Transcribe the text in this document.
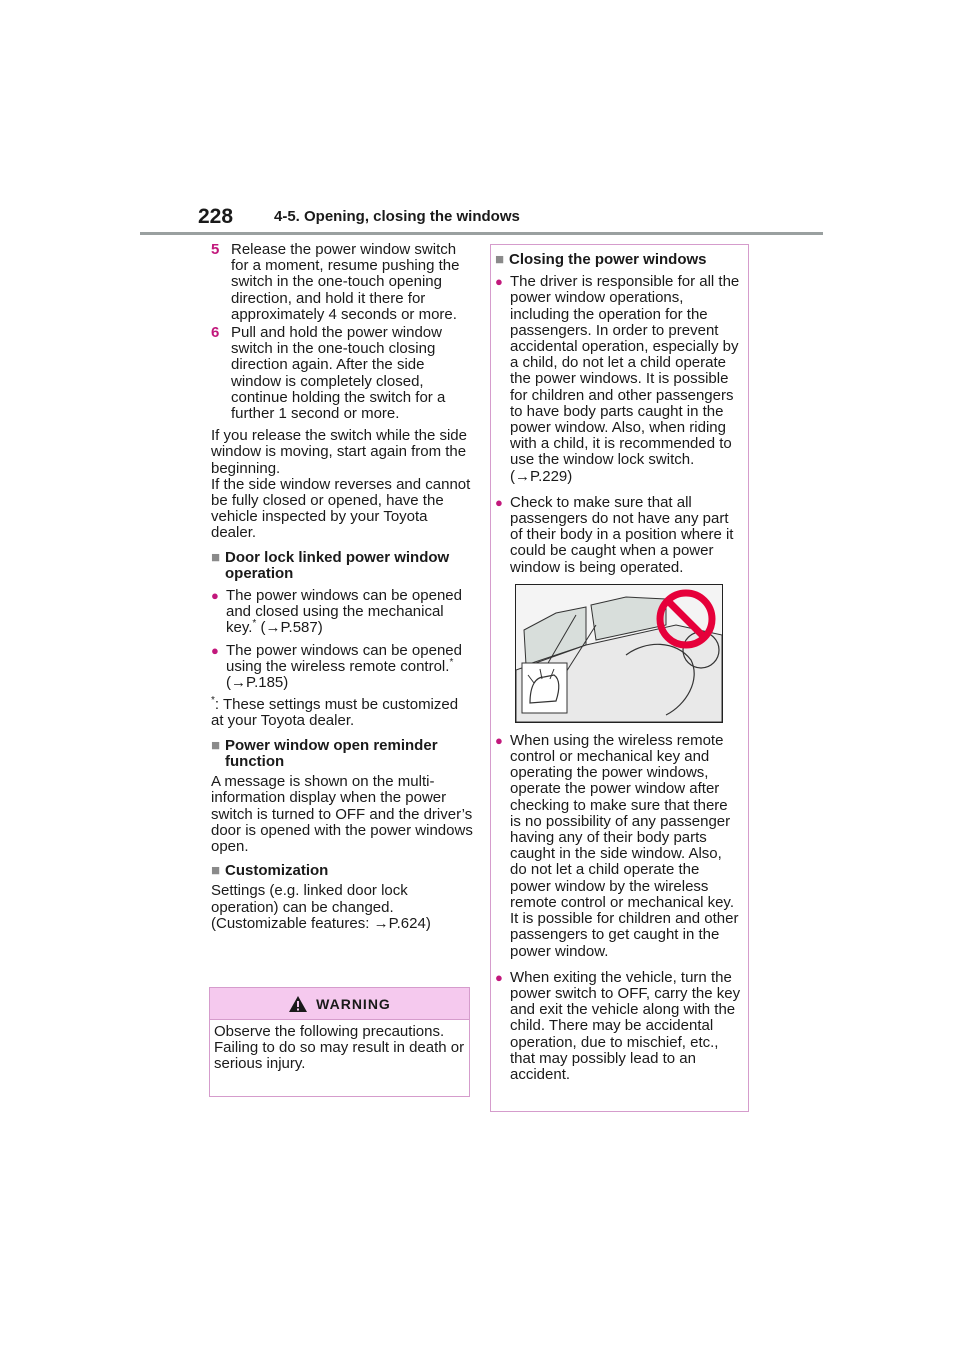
228	4-5. Opening, closing the windows
5 Release the power window switch for a moment, resume pushing the switch in the one-touch opening direction, and hold it there for approximately 4 seconds or more.
6 Pull and hold the power window switch in the one-touch closing direction again. After the side window is completely closed, continue holding the switch for a further 1 second or more.

If you release the switch while the side window is moving, start again from the beginning.

If the side window reverses and cannot be fully closed or opened, have the vehicle inspected by your Toyota dealer.

■ Door lock linked power window operation
● The power windows can be opened and closed using the mechanical key.* (→P.587)
● The power windows can be opened using the wireless remote control.* (→P.185)
*: These settings must be customized at your Toyota dealer.
■ Power window open reminder function

A message is shown on the multi-information display when the power switch is turned to OFF and the driver’s door is opened with the power windows open.

■ Customization

Settings (e.g. linked door lock operation) can be changed. (Customizable features: →P.624)

WARNING
Observe the following precautions.
Failing to do so may result in death or serious injury.
■ Closing the power windows
● The driver is responsible for all the power window operations, including the operation for the passengers. In order to prevent accidental operation, especially by a child, do not let a child operate the power windows. It is possible for children and other passengers to have body parts caught in the power window. Also, when riding with a child, it is recommended to use the window lock switch. (→P.229)
● Check to make sure that all passengers do not have any part of their body in a position where it could be caught when a power window is being operated.
● When using the wireless remote control or mechanical key and operating the power windows, operate the power window after checking to make sure that there is no possibility of any passenger having any of their body parts caught in the side window. Also, do not let a child operate the power window by the wireless remote control or mechanical key. It is possible for children and other passengers to get caught in the power window.
● When exiting the vehicle, turn the power switch to OFF, carry the key and exit the vehicle along with the child. There may be accidental operation, due to mischief, etc., that may possibly lead to an accident.
